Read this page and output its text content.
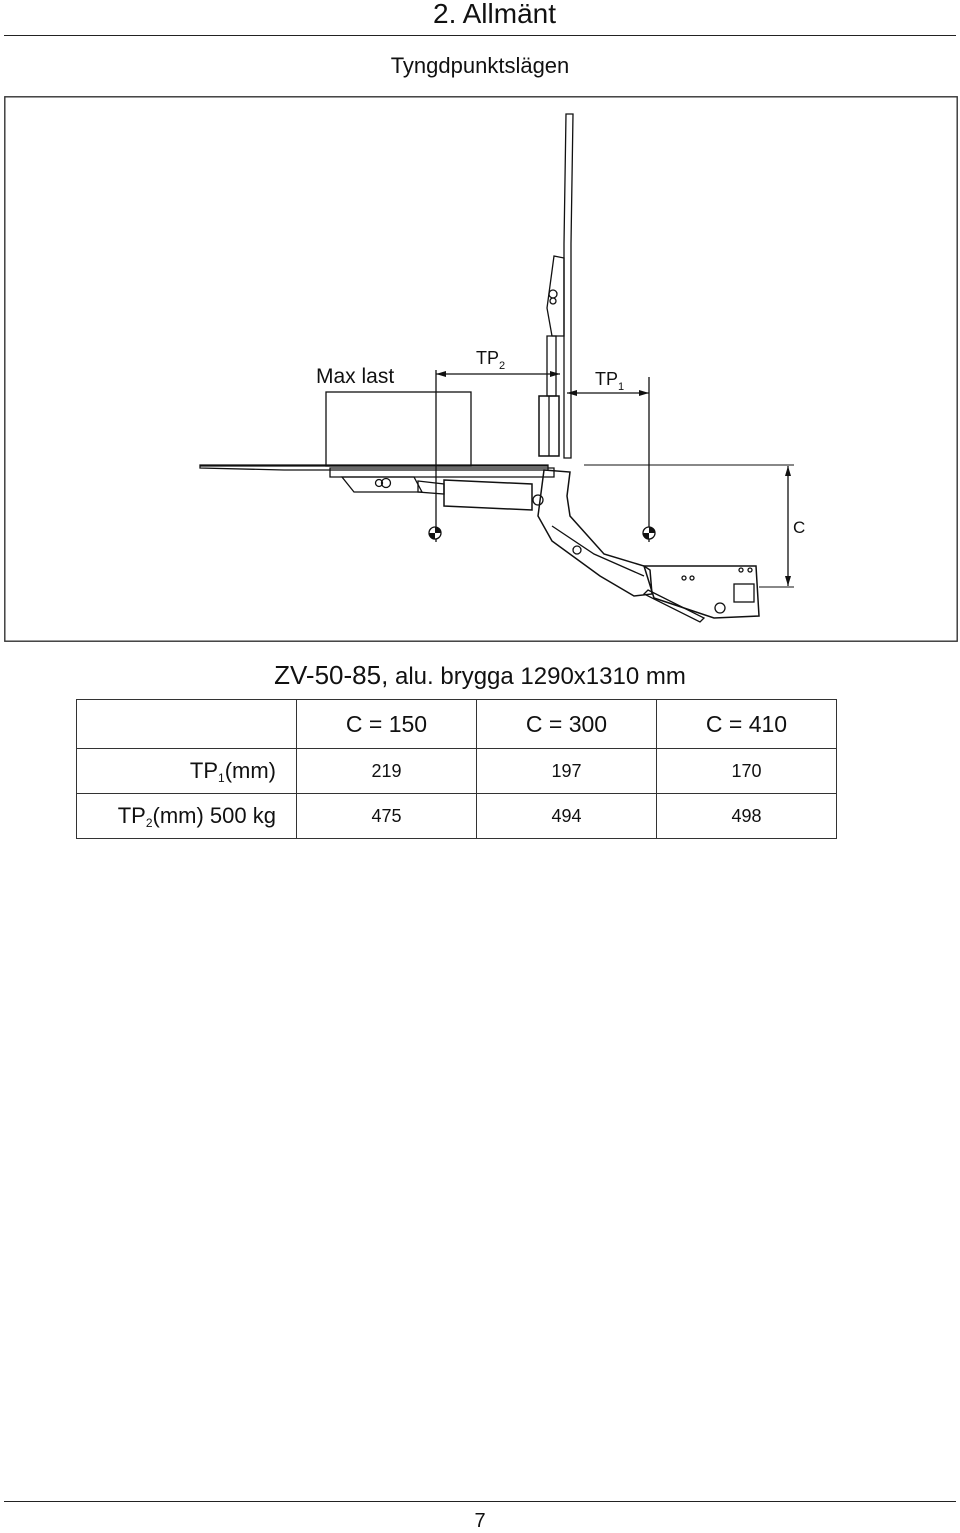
2. Allmänt
Tyngdpunktslägen
Max last
$TP_2$
$TP_1$
C
ZV-50-85, alu. brygga 1290x1310 mm
	C = 150	C = 300	C = 410
$TP_1(mm)$	219	197	170
$TP_2(mm)$ 500 kg	475	494	498
7
